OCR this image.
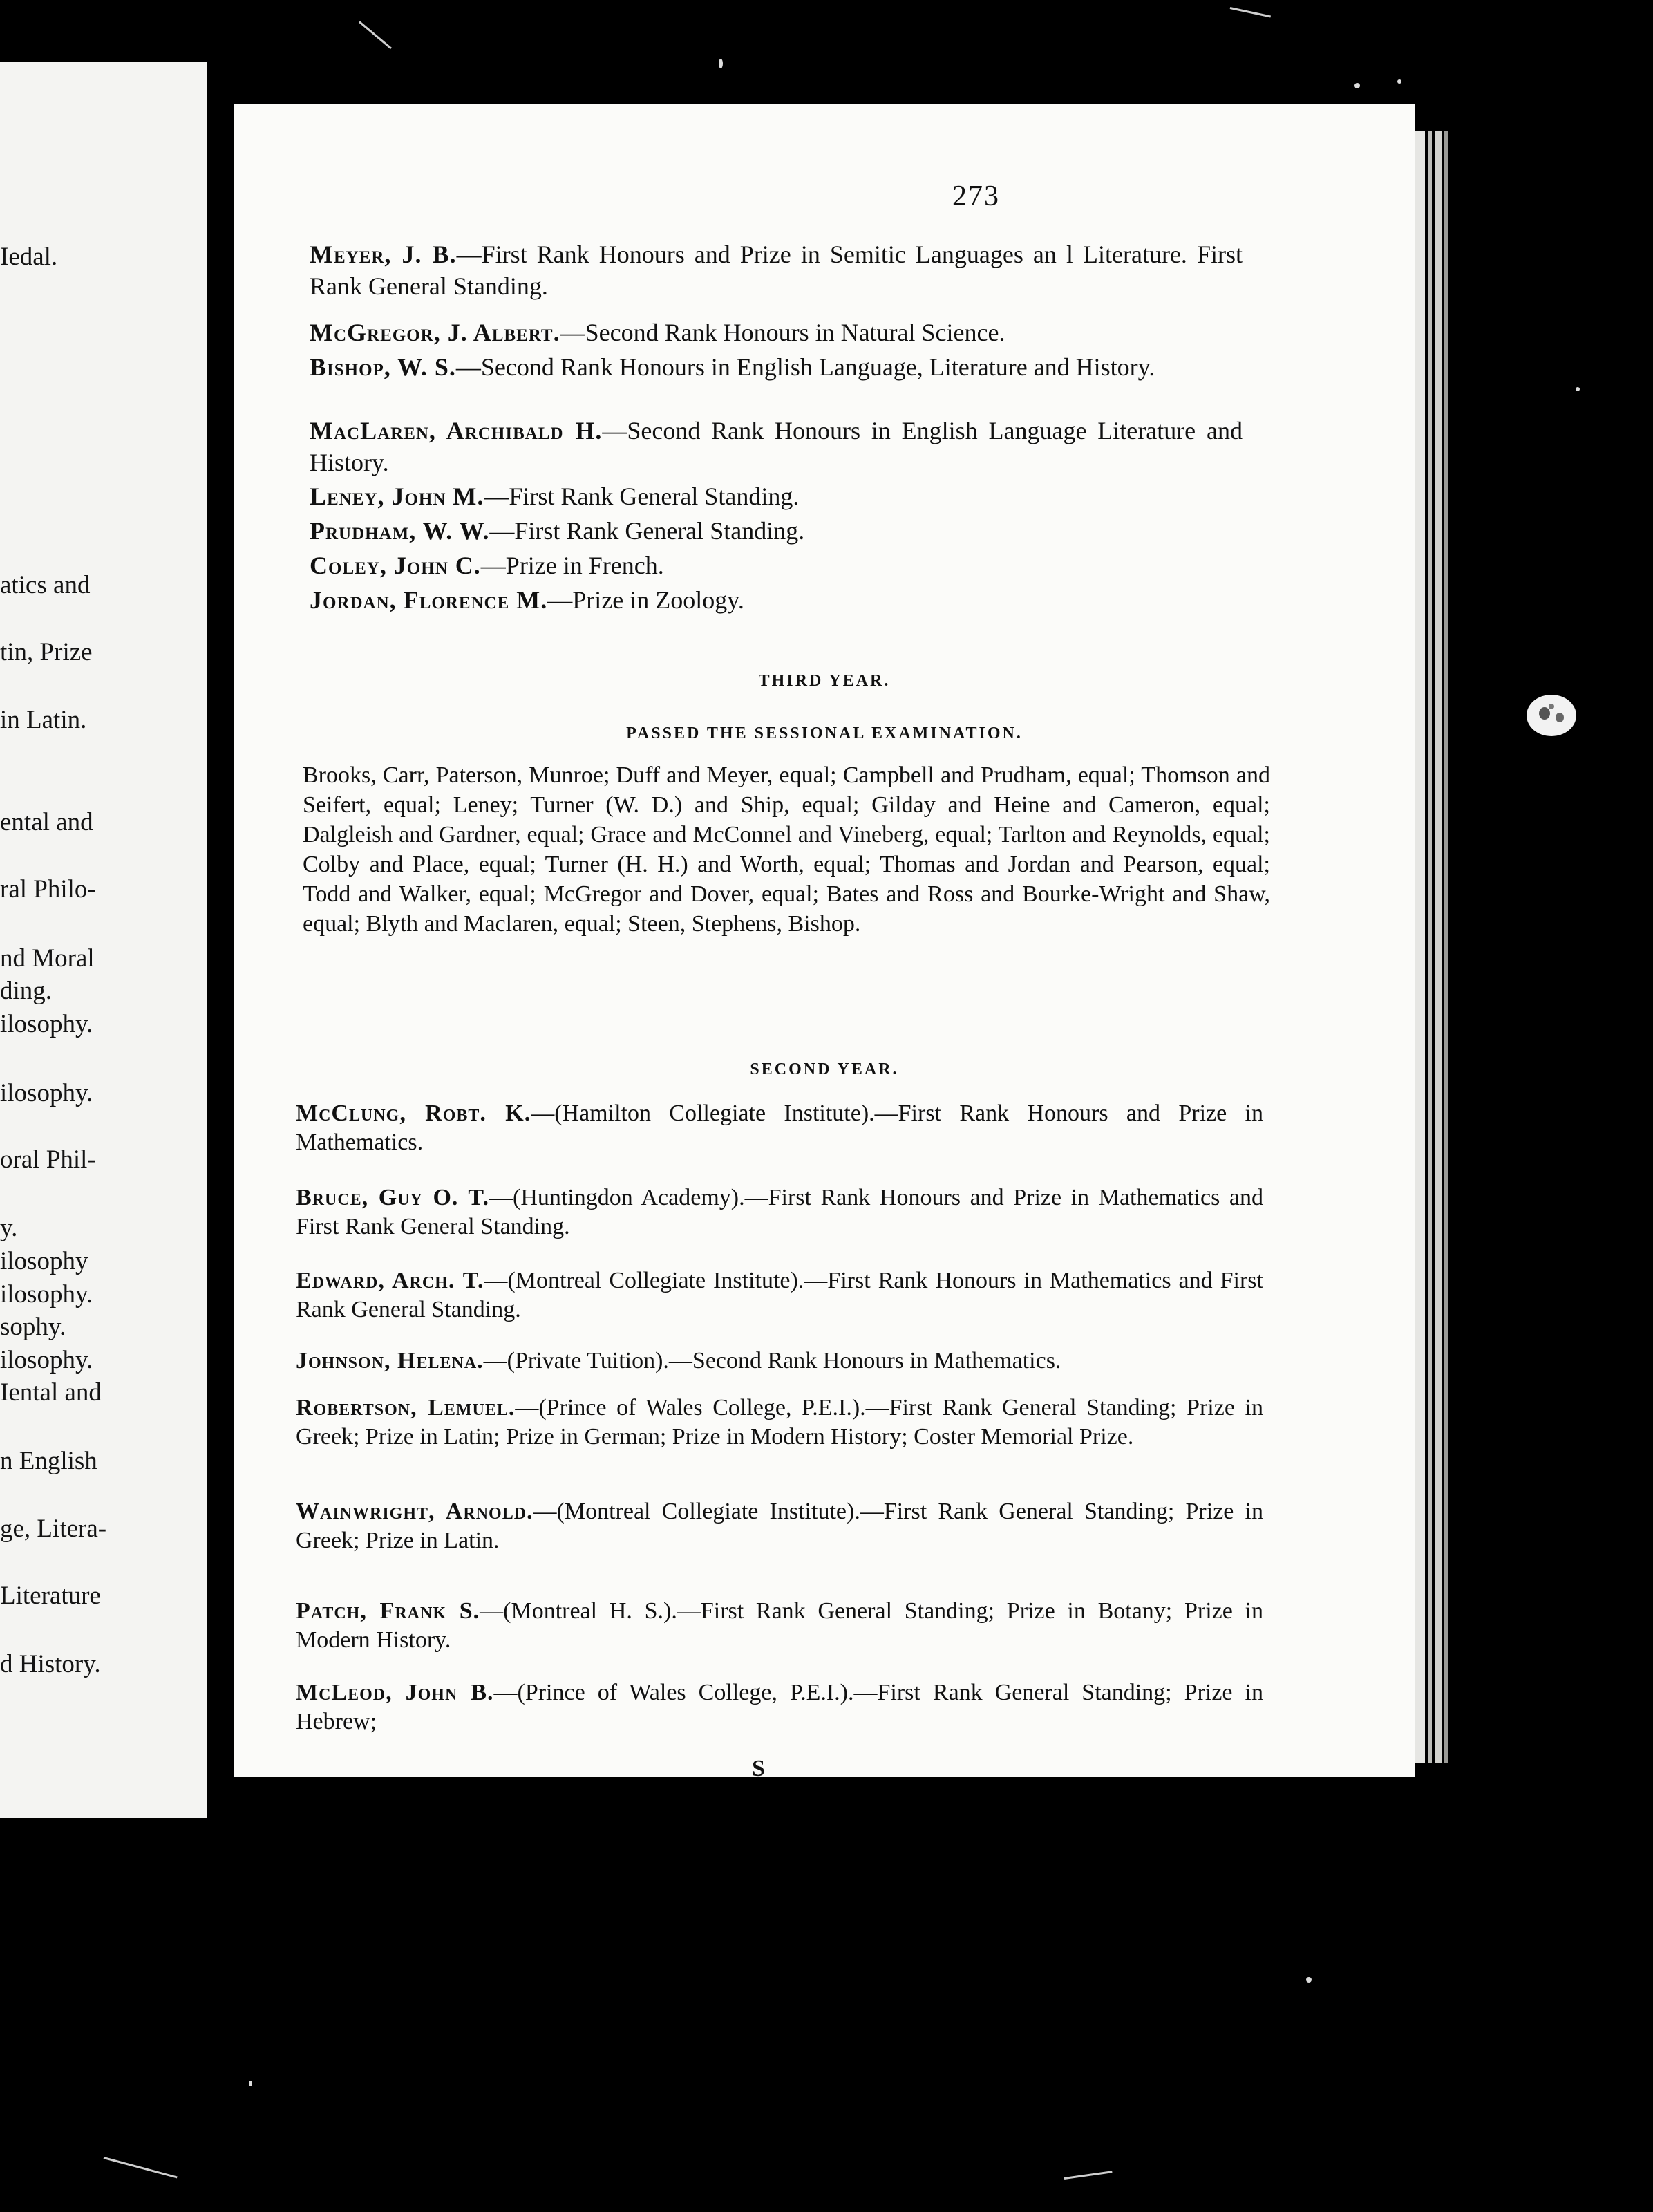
Iedal.
atics and
tin, Prize
in Latin.
ental and
ral Philo-
nd Moral
ding.
ilosophy.
ilosophy.
oral Phil-
y.
ilosophy
ilosophy.
sophy.
ilosophy.
Iental and
n English
ge, Litera-
Literature
d History.
273
Meyer, J. B.—First Rank Honours and Prize in Semitic Languages an l Literature. First Rank General Standing.
McGregor, J. Albert.—Second Rank Honours in Natural Science.
Bishop, W. S.—Second Rank Honours in English Language, Literature and History.
MacLaren, Archibald H.—Second Rank Honours in English Language Literature and History.
Leney, John M.—First Rank General Standing.
Prudham, W. W.—First Rank General Standing.
Coley, John C.—Prize in French.
Jordan, Florence M.—Prize in Zoology.
THIRD YEAR.
PASSED THE SESSIONAL EXAMINATION.
Brooks, Carr, Paterson, Munroe; Duff and Meyer, equal; Campbell and Prudham, equal; Thomson and Seifert, equal; Leney; Turner (W. D.) and Ship, equal; Gilday and Heine and Cameron, equal; Dalgleish and Gardner, equal; Grace and McConnel and Vineberg, equal; Tarlton and Reynolds, equal; Colby and Place, equal; Turner (H. H.) and Worth, equal; Thomas and Jordan and Pearson, equal; Todd and Walker, equal; McGregor and Dover, equal; Bates and Ross and Bourke-Wright and Shaw, equal; Blyth and Maclaren, equal; Steen, Stephens, Bishop.
SECOND YEAR.
McClung, Robt. K.—(Hamilton Collegiate Institute).—First Rank Honours and Prize in Mathematics.
Bruce, Guy O. T.—(Huntingdon Academy).—First Rank Honours and Prize in Mathematics and First Rank General Standing.
Edward, Arch. T.—(Montreal Collegiate Institute).—First Rank Honours in Mathematics and First Rank General Standing.
Johnson, Helena.—(Private Tuition).—Second Rank Honours in Mathematics.
Robertson, Lemuel.—(Prince of Wales College, P.E.I.).—First Rank General Standing; Prize in Greek; Prize in Latin; Prize in German; Prize in Modern History; Coster Memorial Prize.
Wainwright, Arnold.—(Montreal Collegiate Institute).—First Rank General Standing; Prize in Greek; Prize in Latin.
Patch, Frank S.—(Montreal H. S.).—First Rank General Standing; Prize in Botany; Prize in Modern History.
McLeod, John B.—(Prince of Wales College, P.E.I.).—First Rank General Standing; Prize in Hebrew;
S
